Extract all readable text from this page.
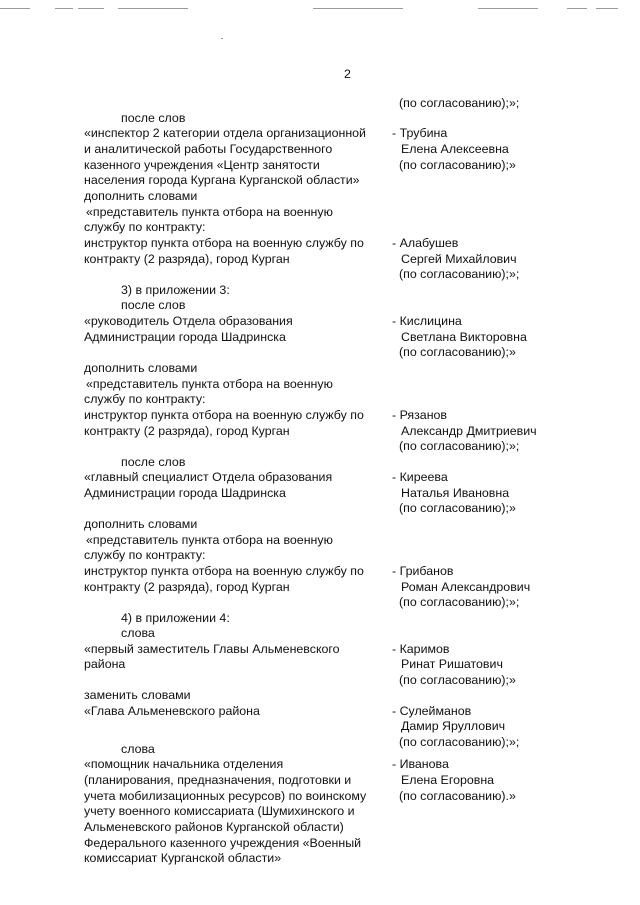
2
после слов
«инспектор 2 категории отдела организационной
и аналитической работы Государственного
казенного учреждения «Центр занятости
населения города Кургана Курганской области»
дополнить словами
«представитель пункта отбора на военную
службу по контракту:
инструктор пункта отбора на военную службу по
контракту (2 разряда), город Курган
3) в приложении 3:
после слов
«руководитель Отдела образования
Администрации города Шадринска
дополнить словами
«представитель пункта отбора на военную
службу по контракту:
инструктор пункта отбора на военную службу по
контракту (2 разряда), город Курган
после слов
«главный специалист Отдела образования
Администрации города Шадринска
дополнить словами
«представитель пункта отбора на военную
службу по контракту:
инструктор пункта отбора на военную службу по
контракту (2 разряда), город Курган
4) в приложении 4:
слова
«первый заместитель Главы Альменевского
района
заменить словами
«Глава Альменевского района
слова
«помощник начальника отделения
(планирования, предназначения, подготовки и
учета мобилизационных ресурсов) по воинскому
учету военного комиссариата (Шумихинского и
Альменевского районов Курганской области)
Федерального казенного учреждения «Военный
комиссариат Курганской области»
(по согласованию);»;
- Трубина
Елена Алексеевна
(по согласованию);»
- Алабушев
Сергей Михайлович
(по согласованию);»;
- Кислицина
Светлана Викторовна
(по согласованию);»
- Рязанов
Александр Дмитриевич
(по согласованию);»;
- Киреева
Наталья Ивановна
(по согласованию);»
- Грибанов
Роман Александрович
(по согласованию);»;
- Каримов
Ринат Ришатович
(по согласованию);»
- Сулейманов
Дамир Яруллович
(по согласованию);»;
- Иванова
Елена Егоровна
(по согласованию).»
